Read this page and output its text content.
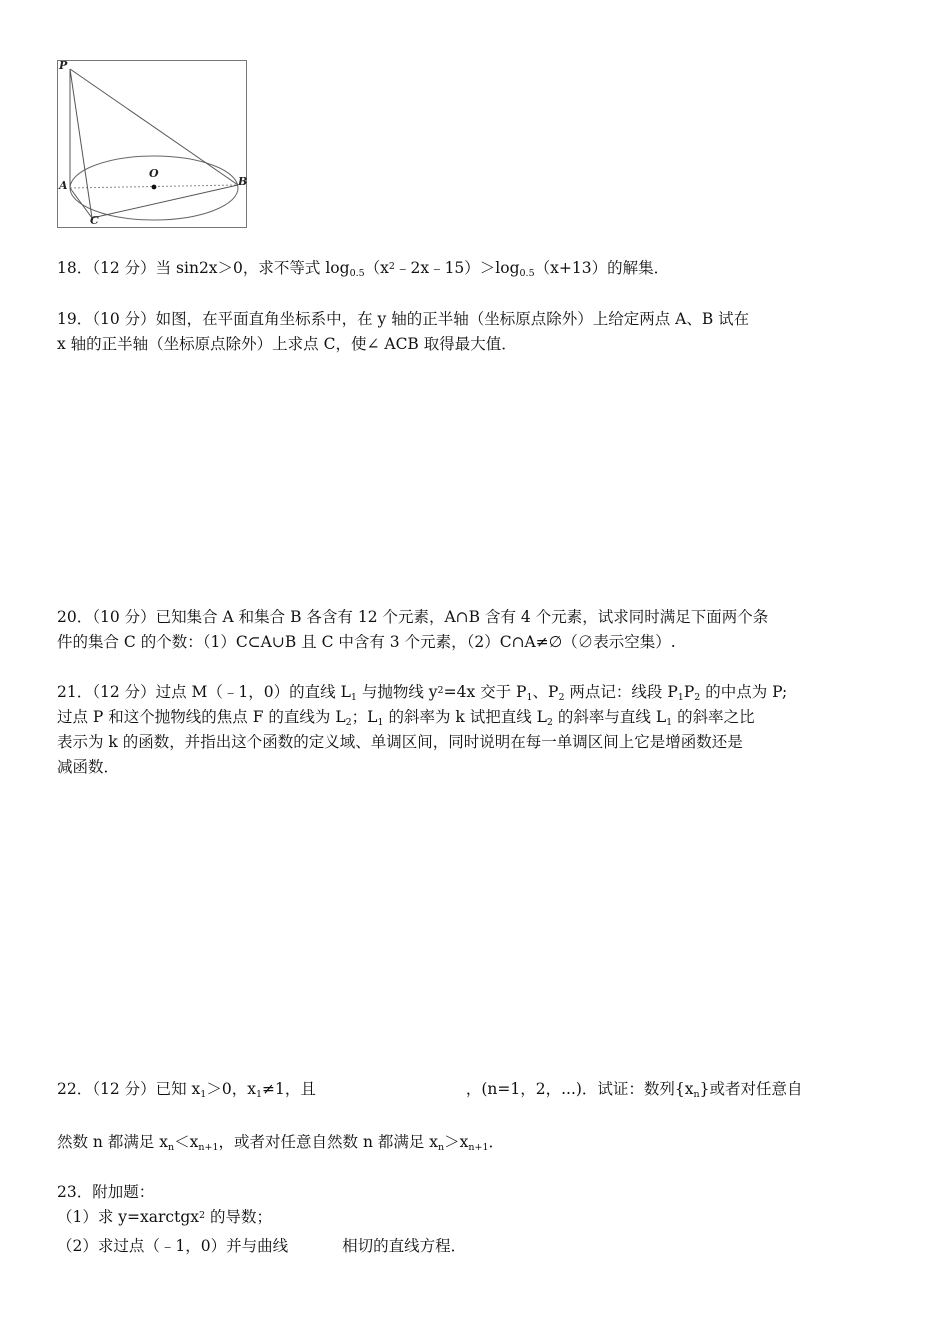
P
O
A	B
C
18．（12 分）当 sin2x＞0，求不等式 $\log_{0.5}(x^2﹣2x﹣15)>\log_{0.5}(x+13)$的解集．
19．（10 分）如图，在平面直角坐标系中，在 y 轴的正半轴（坐标原点除外）上给定两点 A、B 试在
x 轴的正半轴（坐标原点除外）上求点 C，使∠ ACB 取得最大值．
20．（10 分）已知集合 A 和集合 B 各含有 12 个元素，A∩B 含有 4 个元素，试求同时满足下面两个条
件的集合 C 的个数：（1）C⊂A∪B 且 C 中含有 3 个元素，（2）C∩A≠∅（∅表示空集）.
21．（12 分）过点 M（﹣1，0）的直线 $L_1$ 与抛物线 $y^2=4x$ 交于 $P_1$、$P_2$ 两点记：线段 $P_1P_2$ 的中点为 P;
过点 P 和这个抛物线的焦点 F 的直线为 $L_2$；$L_1$ 的斜率为 k 试把直线 $L_2$ 的斜率与直线 $L_1$ 的斜率之比
表示为 k 的函数，并指出这个函数的定义域、单调区间，同时说明在每一单调区间上它是增函数还是
减函数．
22．（12 分）已知 $x_1>0$，$x_1\ne 1$，且	，(n=1，2，...)．试证：数列$\{x_n\}$或者对任意自
然数 n 都满足 $x_n<x_{n+1}$，或者对任意自然数 n 都满足 $x_n>x_{n+1}$．
23．附加题：
（1）求 y=xarctgx$^2$ 的导数；
（2）求过点（﹣1，0）并与曲线	相切的直线方程．
